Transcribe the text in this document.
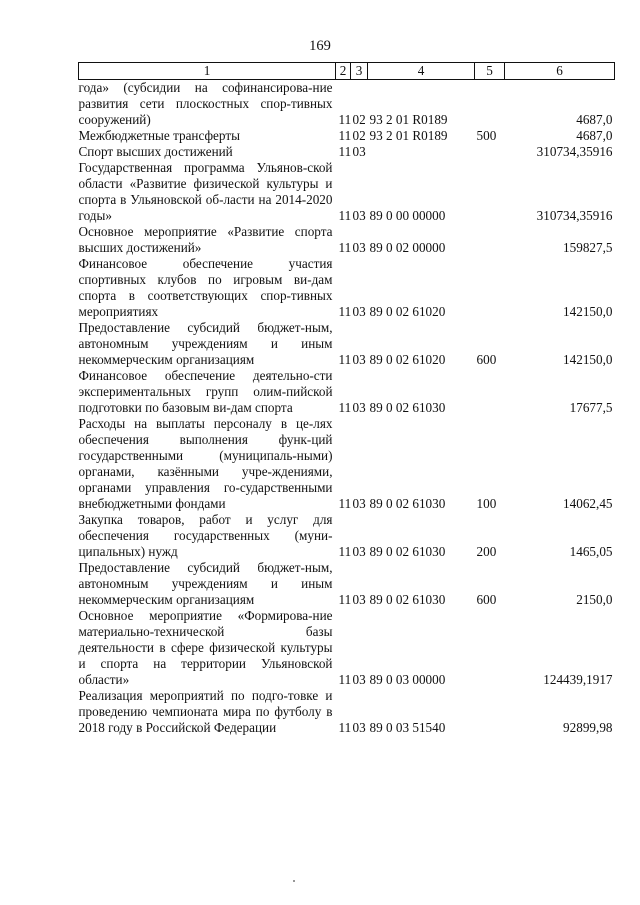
169
1	2	3	4	5	6
года» (субсидии на софинансирова-ние развития сети плоскостных спор-тивных сооружений)	11	02	93 2 01 R0189		4687,0
Межбюджетные трансферты	11	02	93 2 01 R0189	500	4687,0
Спорт высших достижений	11	03			310734,35916
Государственная программа Ульянов-ской области «Развитие физической культуры и спорта в Ульяновской об-ласти на 2014-2020 годы»	11	03	89 0 00 00000		310734,35916
Основное мероприятие «Развитие спорта высших достижений»	11	03	89 0 02 00000		159827,5
Финансовое обеспечение участия спортивных клубов по игровым ви-дам спорта в соответствующих спор-тивных мероприятиях	11	03	89 0 02 61020		142150,0
Предоставление субсидий бюджет-ным, автономным учреждениям и иным некоммерческим организациям	11	03	89 0 02 61020	600	142150,0
Финансовое обеспечение деятельно-сти экспериментальных групп олим-пийской подготовки по базовым ви-дам спорта	11	03	89 0 02 61030		17677,5
Расходы на выплаты персоналу в це-лях обеспечения выполнения функ-ций государственными (муниципаль-ными) органами, казёнными учре-ждениями, органами управления го-сударственными внебюджетными фондами	11	03	89 0 02 61030	100	14062,45
Закупка товаров, работ и услуг для обеспечения государственных (муни-ципальных) нужд	11	03	89 0 02 61030	200	1465,05
Предоставление субсидий бюджет-ным, автономным учреждениям и иным некоммерческим организациям	11	03	89 0 02 61030	600	2150,0
Основное мероприятие «Формирова-ние материально-технической базы деятельности в сфере физической культуры и спорта на территории Ульяновской области»	11	03	89 0 03 00000		124439,1917
Реализация мероприятий по подго-товке и проведению чемпионата мира по футболу в 2018 году в Российской Федерации	11	03	89 0 03 51540		92899,98
